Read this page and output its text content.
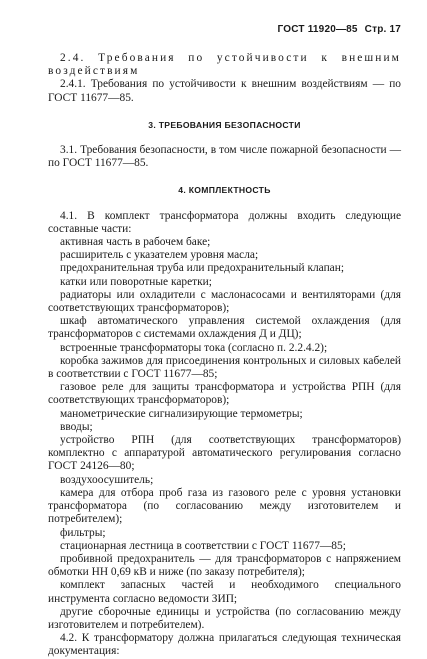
ГОСТ 11920—85 Стр. 17

2.4. Требования по устойчивости к внешним воздействиям

2.4.1. Требования по устойчивости к внешним воздействиям — по ГОСТ 11677—85.

3. ТРЕБОВАНИЯ БЕЗОПАСНОСТИ

3.1. Требования безопасности, в том числе пожарной безопасности — по ГОСТ 11677—85.

4. КОМПЛЕКТНОСТЬ

4.1. В комплект трансформатора должны входить следующие составные части:

активная часть в рабочем баке;

расширитель с указателем уровня масла;

предохранительная труба или предохранительный клапан;

катки или поворотные каретки;

радиаторы или охладители с маслонасосами и вентиляторами (для соответствующих трансформаторов);

шкаф автоматического управления системой охлаждения (для трансформаторов с системами охлаждения Д и ДЦ);

встроенные трансформаторы тока (согласно п. 2.2.4.2);

коробка зажимов для присоединения контрольных и силовых кабелей в соответствии с ГОСТ 11677—85;

газовое реле для защиты трансформатора и устройства РПН (для соответствующих трансформаторов);

манометрические сигнализирующие термометры;

вводы;

устройство РПН (для соответствующих трансформаторов) комплектно с аппаратурой автоматического регулирования согласно ГОСТ 24126—80;

воздухоосушитель;

камера для отбора проб газа из газового реле с уровня установки трансформатора (по согласованию между изготовителем и потребителем);

фильтры;

стационарная лестница в соответствии с ГОСТ 11677—85;

пробивной предохранитель — для трансформаторов с напряжением обмотки НН 0,69 кВ и ниже (по заказу потребителя);

комплект запасных частей и необходимого специального инструмента согласно ведомости ЗИП;

другие сборочные единицы и устройства (по согласованию между изготовителем и потребителем).

4.2. К трансформатору должна прилагаться следующая техническая документация:
